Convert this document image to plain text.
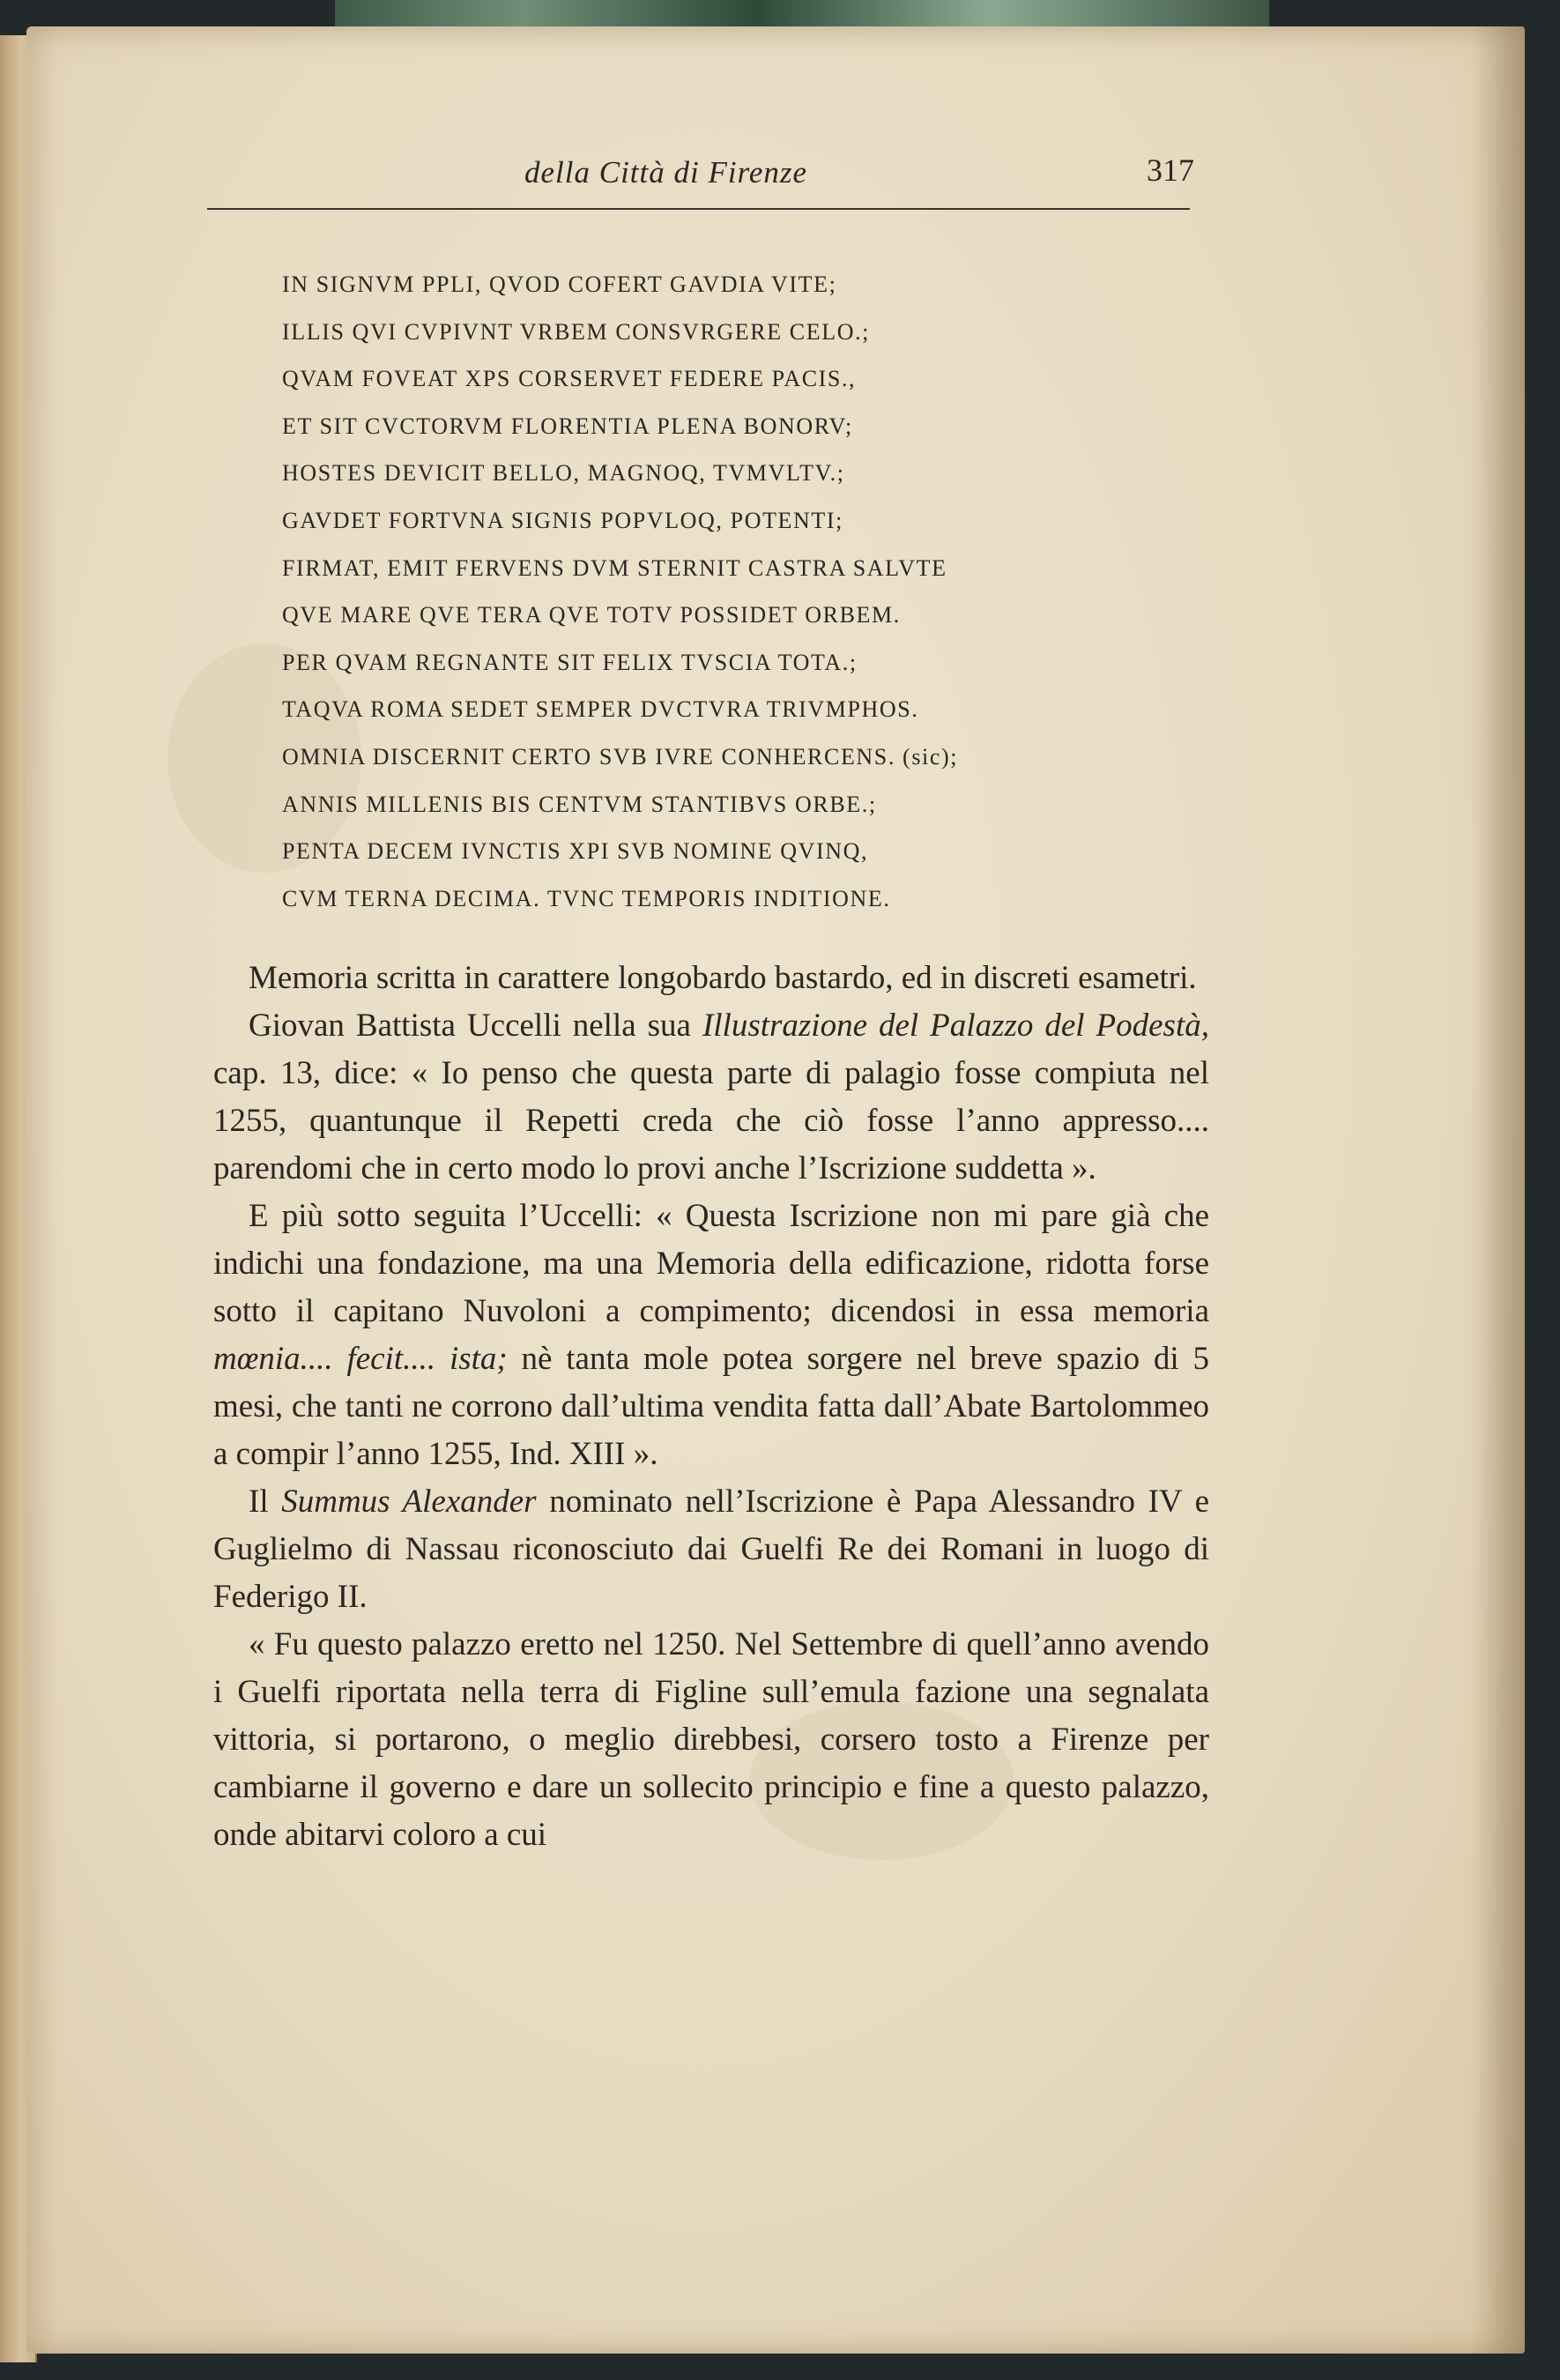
della Città di Firenze	317
IN SIGNVM PPLI, QVOD COFERT GAVDIA VITE;
ILLIS QVI CVPIVNT VRBEM CONSVRGERE CELO.;
QVAM FOVEAT XPS CORSERVET FEDERE PACIS.,
ET SIT CVCTORVM FLORENTIA PLENA BONORV;
HOSTES DEVICIT BELLO, MAGNOQ, TVMVLTV.;
GAVDET FORTVNA SIGNIS POPVLOQ, POTENTI;
FIRMAT, EMIT FERVENS DVM STERNIT CASTRA SALVTE
QVE MARE QVE TERA QVE TOTV POSSIDET ORBEM.
PER QVAM REGNANTE SIT FELIX TVSCIA TOTA.;
TAQVA ROMA SEDET SEMPER DVCTVRA TRIVMPHOS.
OMNIA DISCERNIT CERTO SVB IVRE CONHERCENS. (sic);
ANNIS MILLENIS BIS CENTVM STANTIBVS ORBE.;
PENTA DECEM IVNCTIS XPI SVB NOMINE QVINQ,
CVM TERNA DECIMA. TVNC TEMPORIS INDITIONE.

Memoria scritta in carattere longobardo bastardo, ed in discreti esametri.

Giovan Battista Uccelli nella sua Illustrazione del Palazzo del Podestà, cap. 13, dice: « Io penso che questa parte di palagio fosse compiuta nel 1255, quantunque il Repetti creda che ciò fosse l’anno appresso.... parendomi che in certo modo lo provi anche l’Iscrizione suddetta ».

E più sotto seguita l’Uccelli: « Questa Iscrizione non mi pare già che indichi una fondazione, ma una Memoria della edificazione, ridotta forse sotto il capitano Nuvoloni a compimento; dicendosi in essa memoria mœnia.... fecit.... ista; nè tanta mole potea sorgere nel breve spazio di 5 mesi, che tanti ne corrono dall’ultima vendita fatta dall’Abate Bartolommeo a compir l’anno 1255, Ind. XIII ».

Il Summus Alexander nominato nell’Iscrizione è Papa Alessandro IV e Guglielmo di Nassau riconosciuto dai Guelfi Re dei Romani in luogo di Federigo II.

« Fu questo palazzo eretto nel 1250. Nel Settembre di quell’anno avendo i Guelfi riportata nella terra di Figline sull’emula fazione una segnalata vittoria, si portarono, o meglio direbbesi, corsero tosto a Firenze per cambiarne il governo e dare un sollecito principio e fine a questo palazzo, onde abitarvi coloro a cui
